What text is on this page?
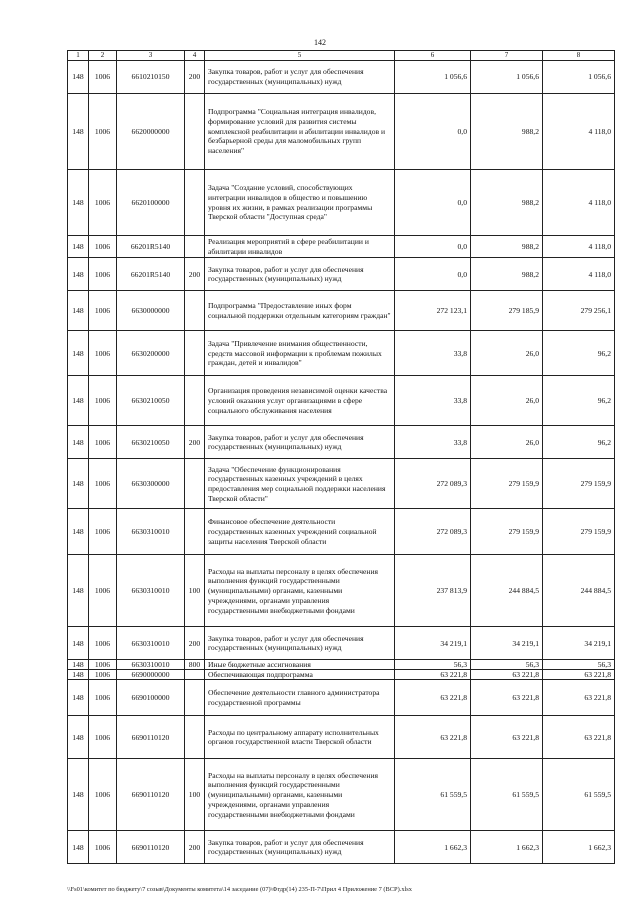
142
1	2	3	4	5	6	7	8
148	1006	6610210150	200	Закупка товаров, работ и услуг для обеспечения государственных (муниципальных) нужд	1 056,6	1 056,6	1 056,6
148	1006	6620000000		Подпрограмма "Социальная интеграция инвалидов, формирование условий для развития системы комплексной реабилитации и абилитации инвалидов и безбарьерной среды для маломобильных групп населения"	0,0	988,2	4 118,0
148	1006	6620100000		Задача "Создание условий, способствующих интеграции инвалидов в общество и повышению уровня их жизни, в рамках реализации программы Тверской области "Доступная среда"	0,0	988,2	4 118,0
148	1006	66201R5140		Реализация мероприятий в сфере реабилитации и абилитации инвалидов	0,0	988,2	4 118,0
148	1006	66201R5140	200	Закупка товаров, работ и услуг для обеспечения государственных (муниципальных) нужд	0,0	988,2	4 118,0
148	1006	6630000000		Подпрограмма "Предоставление иных форм социальной поддержки отдельным категориям граждан"	272 123,1	279 185,9	279 256,1
148	1006	6630200000		Задача "Привлечение внимания общественности, средств массовой информации к проблемам пожилых граждан, детей и инвалидов"	33,8	26,0	96,2
148	1006	6630210050		Организация проведения независимой оценки качества условий оказания услуг организациями в сфере социального обслуживания населения	33,8	26,0	96,2
148	1006	6630210050	200	Закупка товаров, работ и услуг для обеспечения государственных (муниципальных) нужд	33,8	26,0	96,2
148	1006	6630300000		Задача "Обеспечение функционирования государственных казенных учреждений в целях предоставления мер социальной поддержки населения Тверской области"	272 089,3	279 159,9	279 159,9
148	1006	6630310010		Финансовое обеспечение деятельности государственных казенных учреждений социальной защиты населения Тверской области	272 089,3	279 159,9	279 159,9
148	1006	6630310010	100	Расходы на выплаты персоналу в целях обеспечения выполнения функций государственными (муниципальными) органами, казенными учреждениями, органами управления государственными внебюджетными фондами	237 813,9	244 884,5	244 884,5
148	1006	6630310010	200	Закупка товаров, работ и услуг для обеспечения государственных (муниципальных) нужд	34 219,1	34 219,1	34 219,1
148	1006	6630310010	800	Иные бюджетные ассигнования	56,3	56,3	56,3
148	1006	6690000000		Обеспечивающая подпрограмма	63 221,8	63 221,8	63 221,8
148	1006	6690100000		Обеспечение деятельности главного администратора государственной программы	63 221,8	63 221,8	63 221,8
148	1006	6690110120		Расходы по центральному аппарату исполнительных органов государственной власти Тверской области	63 221,8	63 221,8	63 221,8
148	1006	6690110120	100	Расходы на выплаты персоналу в целях обеспечения выполнения функций государственными (муниципальными) органами, казенными учреждениями, органами управления государственными внебюджетными фондами	61 559,5	61 559,5	61 559,5
148	1006	6690110120	200	Закупка товаров, работ и услуг для обеспечения государственных (муниципальных) нужд	1 662,3	1 662,3	1 662,3
\\Fs01\комитет по бюджету\7 созыв\Документы комитета\14 заседание (07)\Фгдр(14) 235-П-7\Прил 4 Приложение 7 (ВСР).xlsx
